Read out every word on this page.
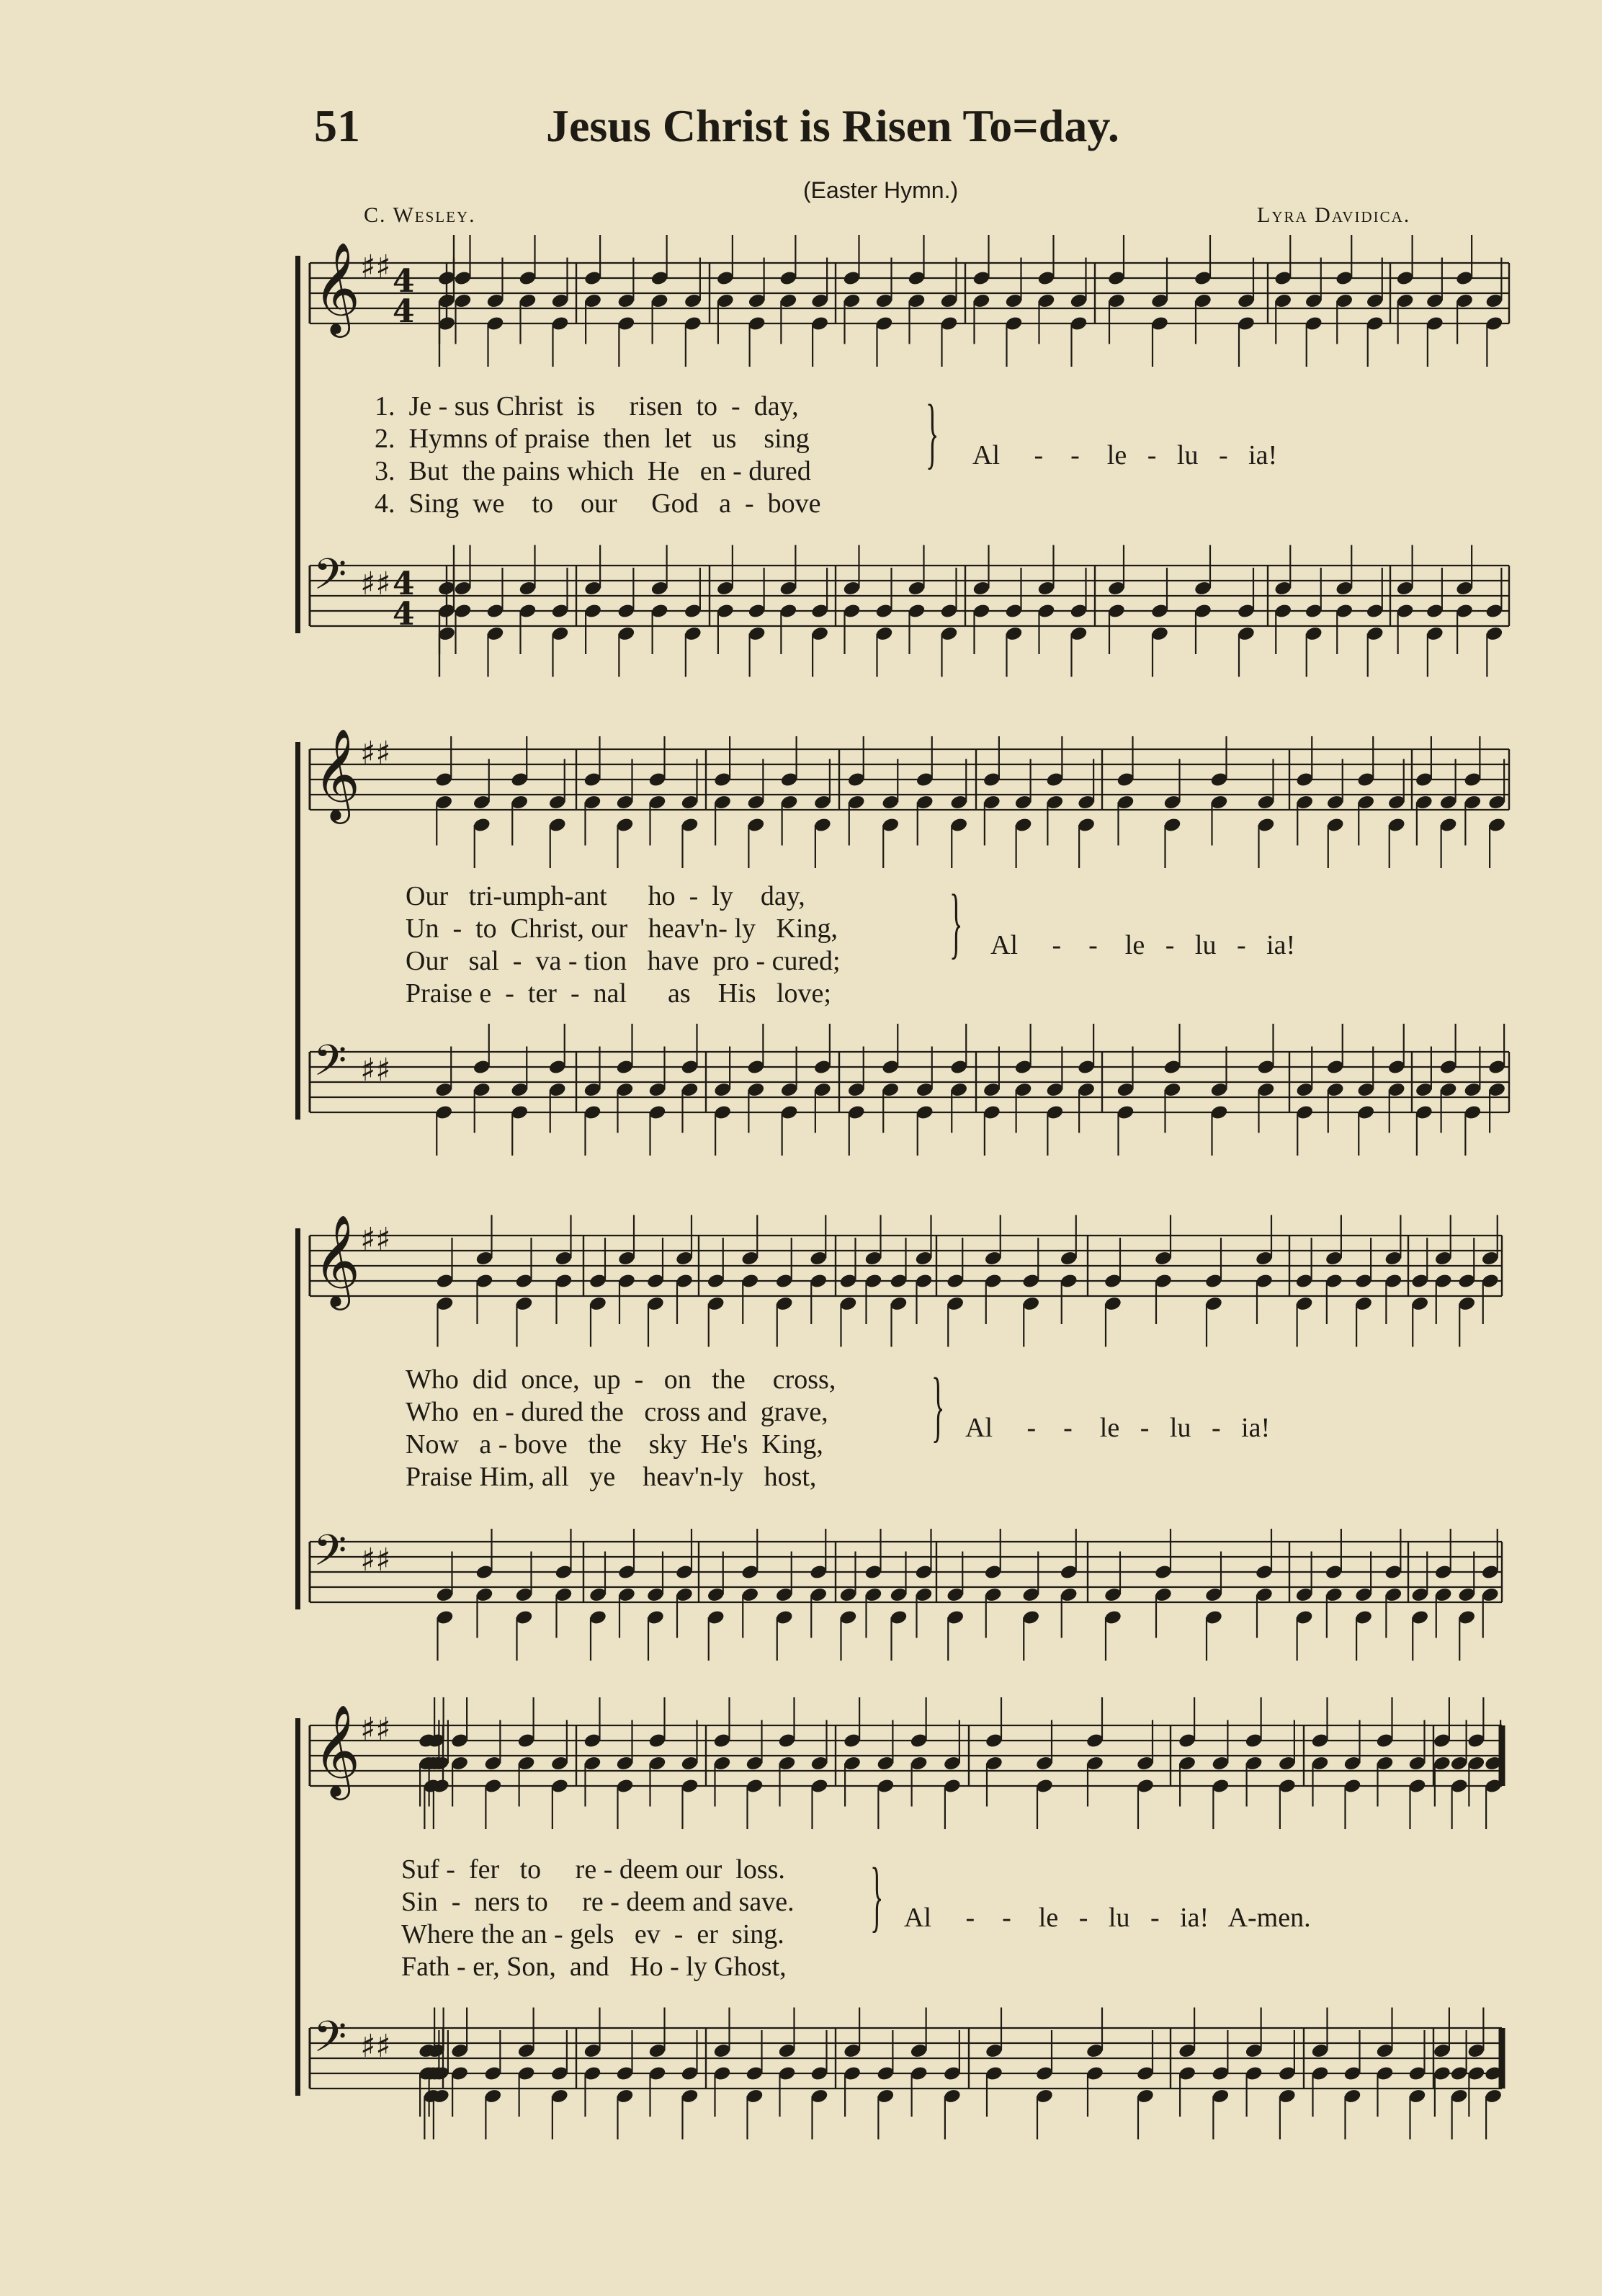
51	Jesus Christ is Risen To=day.
(Easter Hymn.)
C. Wesley.	Lyra Davidica.
𝄞 ♯♯ 4
4
𝄢 ♯♯ 4
4
𝄞 ♯♯
𝄢 ♯♯
𝄞 ♯♯
𝄢 ♯♯
𝄞 ♯♯
𝄢 ♯♯
1.  Je - sus Christ  is     risen  to  -  day,
2.  Hymns of praise  then  let   us    sing
3.  But  the pains which  He   en - dured
4.  Sing  we    to    our     God   a  -  bove
} Al     -    -    le   -   lu   -   ia!
Our   tri-umph-ant      ho  -  ly    day,
Un  -  to  Christ, our   heav'n- ly   King,
Our   sal  -  va - tion   have  pro - cured;
Praise e  -  ter  -  nal      as    His   love;
} Al     -    -    le   -   lu   -   ia!
Who  did  once,  up  -   on   the    cross,
Who  en - dured the   cross and  grave,
Now   a - bove   the    sky  He's  King,
Praise Him, all   ye    heav'n-ly   host,
} Al     -    -    le   -   lu   -   ia!
Suf -  fer   to     re - deem our  loss.
Sin  -  ners to     re - deem and save.
Where the an - gels   ev  -  er  sing.
Fath - er, Son,  and   Ho - ly Ghost,
} Al     -    -    le   -   lu   -   ia!   A-men.
